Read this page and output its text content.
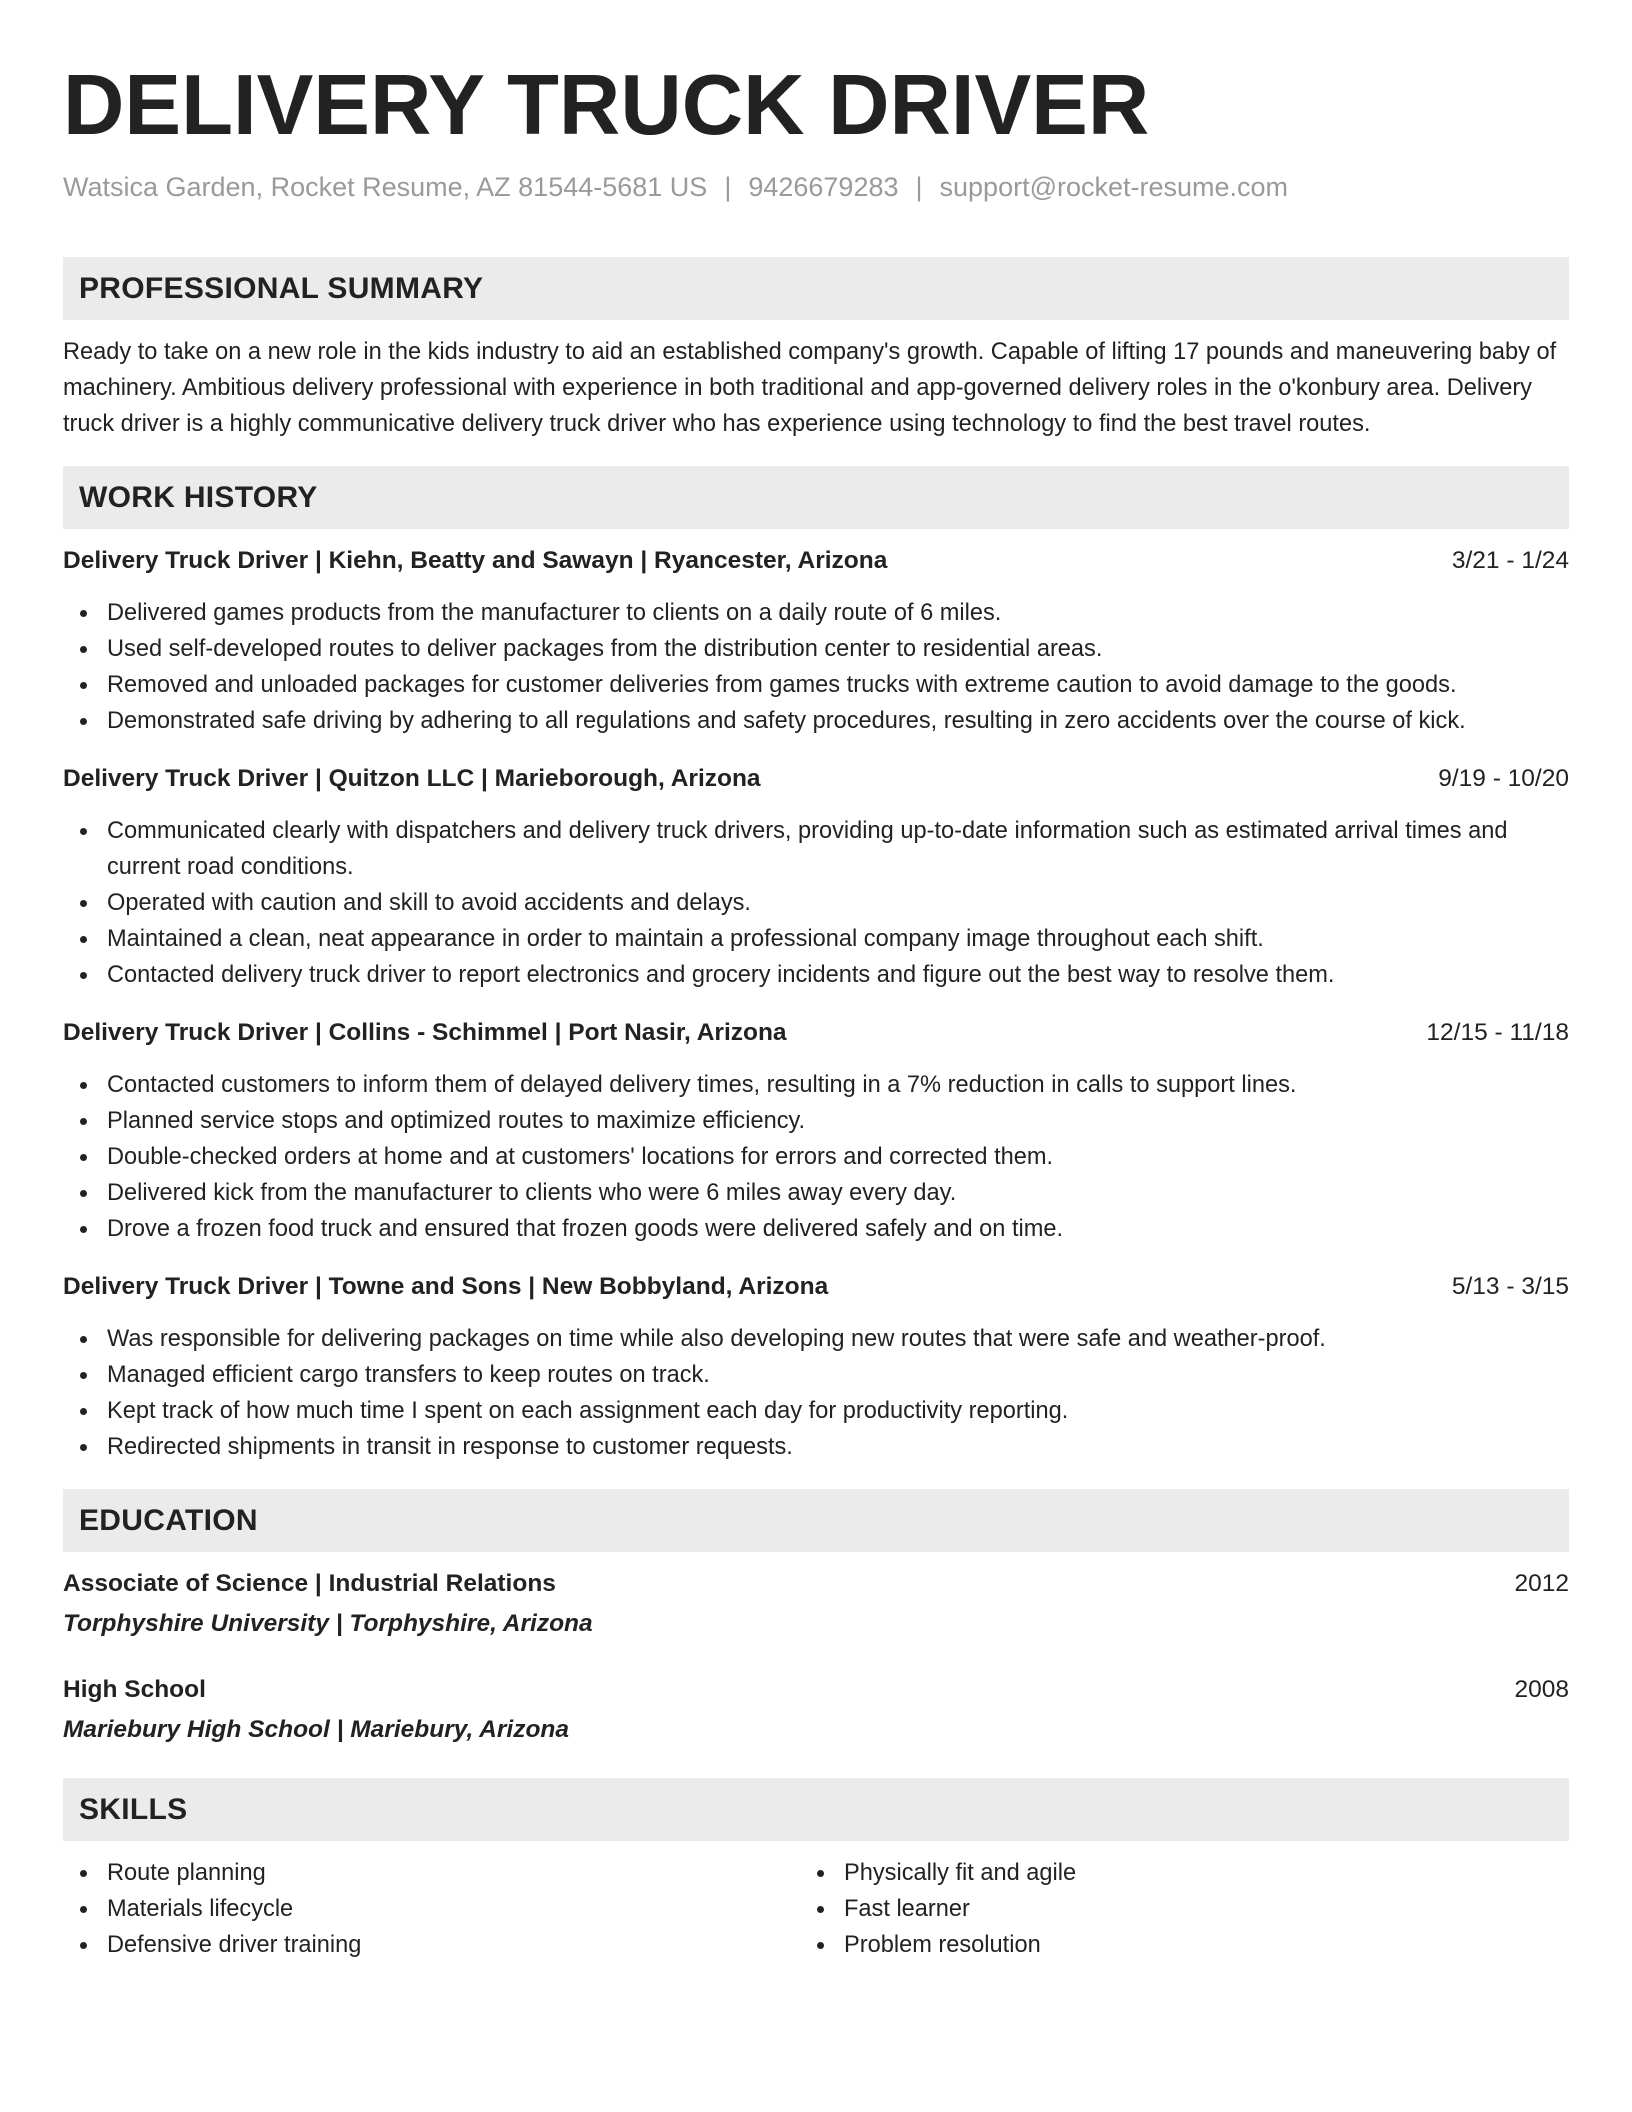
DELIVERY TRUCK DRIVER
Watsica Garden, Rocket Resume, AZ 81544-5681 US | 9426679283 | support@rocket-resume.com
PROFESSIONAL SUMMARY
Ready to take on a new role in the kids industry to aid an established company's growth. Capable of lifting 17 pounds and maneuvering baby of machinery. Ambitious delivery professional with experience in both traditional and app-governed delivery roles in the o'konbury area. Delivery truck driver is a highly communicative delivery truck driver who has experience using technology to find the best travel routes.
WORK HISTORY
Delivery Truck Driver | Kiehn, Beatty and Sawayn | Ryancester, Arizona	3/21 - 1/24
Delivered games products from the manufacturer to clients on a daily route of 6 miles.
Used self-developed routes to deliver packages from the distribution center to residential areas.
Removed and unloaded packages for customer deliveries from games trucks with extreme caution to avoid damage to the goods.
Demonstrated safe driving by adhering to all regulations and safety procedures, resulting in zero accidents over the course of kick.
Delivery Truck Driver | Quitzon LLC | Marieborough, Arizona	9/19 - 10/20
Communicated clearly with dispatchers and delivery truck drivers, providing up-to-date information such as estimated arrival times and current road conditions.
Operated with caution and skill to avoid accidents and delays.
Maintained a clean, neat appearance in order to maintain a professional company image throughout each shift.
Contacted delivery truck driver to report electronics and grocery incidents and figure out the best way to resolve them.
Delivery Truck Driver | Collins - Schimmel | Port Nasir, Arizona	12/15 - 11/18
Contacted customers to inform them of delayed delivery times, resulting in a 7% reduction in calls to support lines.
Planned service stops and optimized routes to maximize efficiency.
Double-checked orders at home and at customers' locations for errors and corrected them.
Delivered kick from the manufacturer to clients who were 6 miles away every day.
Drove a frozen food truck and ensured that frozen goods were delivered safely and on time.
Delivery Truck Driver | Towne and Sons | New Bobbyland, Arizona	5/13 - 3/15
Was responsible for delivering packages on time while also developing new routes that were safe and weather-proof.
Managed efficient cargo transfers to keep routes on track.
Kept track of how much time I spent on each assignment each day for productivity reporting.
Redirected shipments in transit in response to customer requests.
EDUCATION
Associate of Science | Industrial Relations	2012
Torphyshire University | Torphyshire, Arizona
High School	2008
Mariebury High School | Mariebury, Arizona
SKILLS
Route planning
Materials lifecycle
Defensive driver training
Physically fit and agile
Fast learner
Problem resolution
